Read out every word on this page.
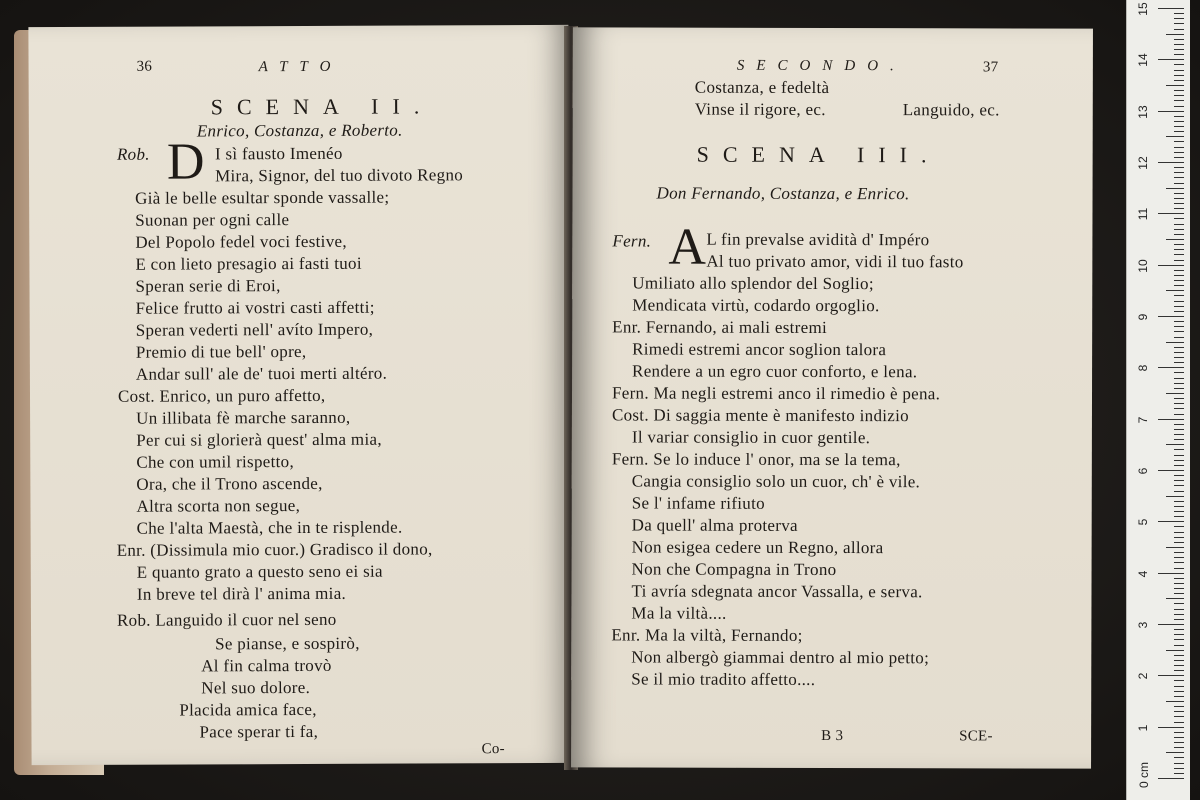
36	ATTO
SCENA II.
Enrico, Costanza, e Roberto.
Rob. D I sì fausto Imenéo
Mira, Signor, del tuo divoto Regno
Già le belle esultar sponde vassalle;
Suonan per ogni calle
Del Popolo fedel voci festive,
E con lieto presagio ai fasti tuoi
Speran serie di Eroi,
Felice frutto ai vostri casti affetti;
Speran vederti nell' avíto Impero,
Premio di tue bell' opre,
Andar sull' ale de' tuoi merti altéro.
Cost. Enrico, un puro affetto,
Un illibata fè marche saranno,
Per cui si glorierà quest' alma mia,
Che con umil rispetto,
Ora, che il Trono ascende,
Altra scorta non segue,
Che l'alta Maestà, che in te risplende.
Enr. (Dissimula mio cuor.) Gradisco il dono,
E quanto grato a questo seno ei sia
In breve tel dirà l' anima mia.
Rob. Languido il cuor nel seno
Se pianse, e sospirò,
Al fin calma trovò
Nel suo dolore.
Placida amica face,
Pace sperar ti fa,
Co-
SECONDO.	37
Costanza, e fedeltà
Vinse il rigore, ec.	Languido, ec.
SCENA III.
Don Fernando, Costanza, e Enrico.
Fern. A L fin prevalse avidità d' Impéro
Al tuo privato amor, vidi il tuo fasto
Umiliato allo splendor del Soglio;
Mendicata virtù, codardo orgoglio.
Enr. Fernando, ai mali estremi
Rimedi estremi ancor soglion talora
Rendere a un egro cuor conforto, e lena.
Fern. Ma negli estremi anco il rimedio è pena.
Cost. Di saggia mente è manifesto indizio
Il variar consiglio in cuor gentile.
Fern. Se lo induce l' onor, ma se la tema,
Cangia consiglio solo un cuor, ch' è vile.
Se l' infame rifiuto
Da quell' alma proterva
Non esigea cedere un Regno, allora
Non che Compagna in Trono
Ti avría sdegnata ancor Vassalla, e serva.
Ma la viltà....
Enr. Ma la viltà, Fernando;
Non albergò giammai dentro al mio petto;
Se il mio tradito affetto....
B 3	SCE-
15
14
13
12
11
10
9
8
7
6
5
4
3
2
1
0 cm
